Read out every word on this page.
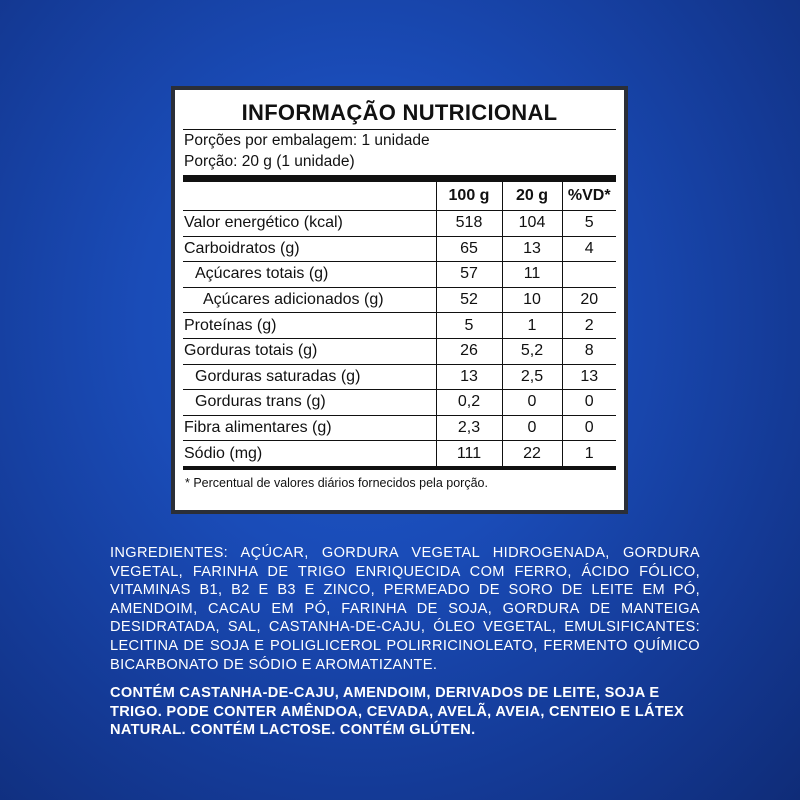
INFORMAÇÃO NUTRICIONAL
Porções por embalagem: 1 unidade
Porção: 20 g (1 unidade)
	100 g	20 g	%VD*
Valor energético (kcal)	518	104	5
Carboidratos (g)	65	13	4
Açúcares totais (g)	57	11	
Açúcares adicionados (g)	52	10	20
Proteínas (g)	5	1	2
Gorduras totais (g)	26	5,2	8
Gorduras saturadas (g)	13	2,5	13
Gorduras trans (g)	0,2	0	0
Fibra alimentares (g)	2,3	0	0
Sódio (mg)	111	22	1
* Percentual de valores diários fornecidos pela porção.
INGREDIENTES: AÇÚCAR, GORDURA VEGETAL HIDROGENADA, GORDURA VEGETAL, FARINHA DE TRIGO ENRIQUECIDA COM FERRO, ÁCIDO FÓLICO, VITAMINAS B1, B2 E B3 E ZINCO, PERMEADO DE SORO DE LEITE EM PÓ, AMENDOIM, CACAU EM PÓ, FARINHA DE SOJA, GORDURA DE MANTEIGA DESIDRATADA, SAL, CASTANHA-DE-CAJU, ÓLEO VEGETAL, EMULSIFICANTES: LECITINA DE SOJA E POLIGLICEROL POLIRRICINOLEATO, FERMENTO QUÍMICO BICARBONATO DE SÓDIO E AROMATIZANTE.
CONTÉM CASTANHA-DE-CAJU, AMENDOIM, DERIVADOS DE LEITE, SOJA E TRIGO. PODE CONTER AMÊNDOA, CEVADA, AVELÃ, AVEIA, CENTEIO E LÁTEX NATURAL. CONTÉM LACTOSE. CONTÉM GLÚTEN.
